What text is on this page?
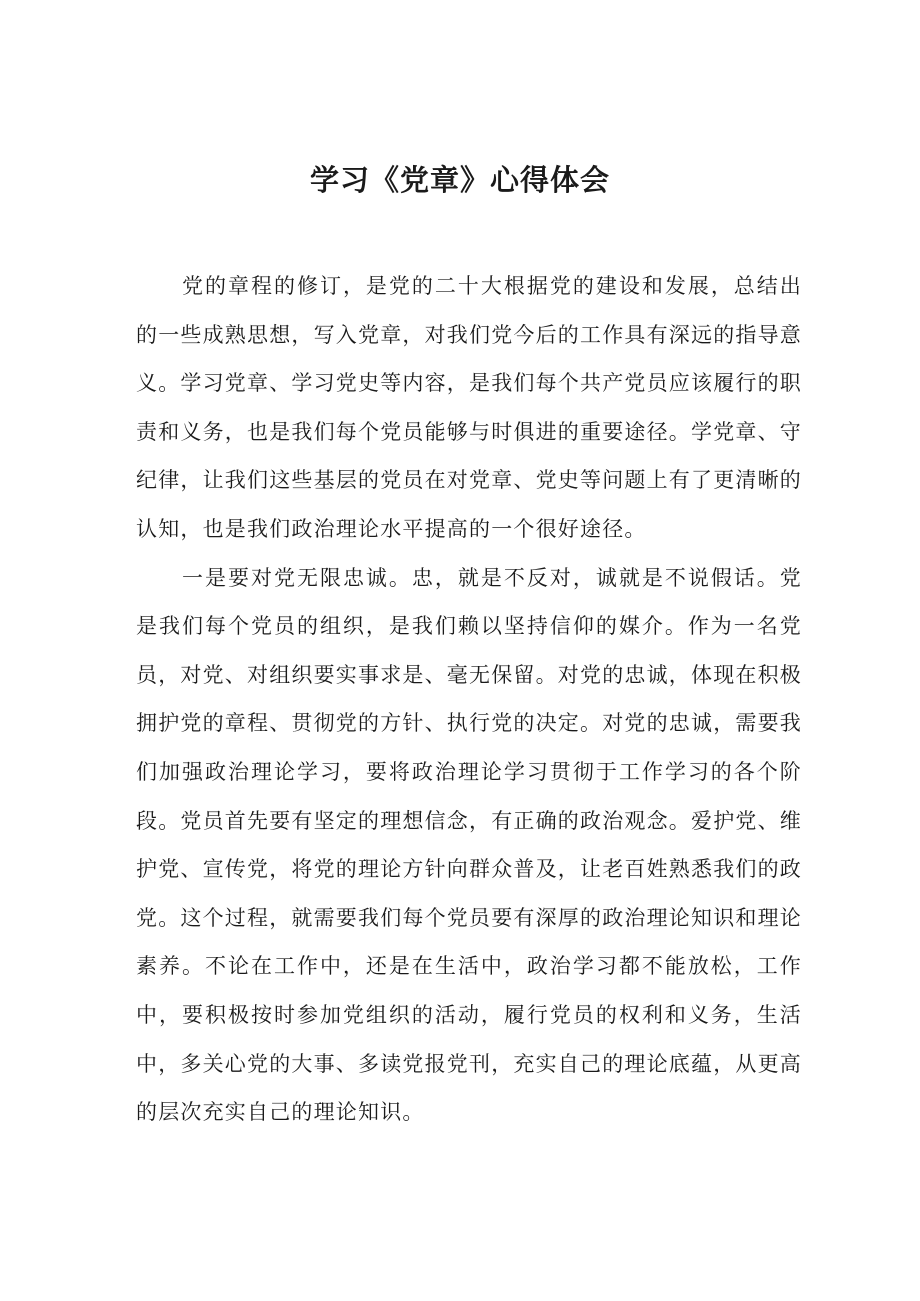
学习《党章》心得体会

党的章程的修订，是党的二十大根据党的建设和发展，总结出的一些成熟思想，写入党章，对我们党今后的工作具有深远的指导意义。学习党章、学习党史等内容，是我们每个共产党员应该履行的职责和义务，也是我们每个党员能够与时俱进的重要途径。学党章、守纪律，让我们这些基层的党员在对党章、党史等问题上有了更清晰的认知，也是我们政治理论水平提高的一个很好途径。

一是要对党无限忠诚。忠，就是不反对，诚就是不说假话。党是我们每个党员的组织，是我们赖以坚持信仰的媒介。作为一名党员，对党、对组织要实事求是、毫无保留。对党的忠诚，体现在积极拥护党的章程、贯彻党的方针、执行党的决定。对党的忠诚，需要我们加强政治理论学习，要将政治理论学习贯彻于工作学习的各个阶段。党员首先要有坚定的理想信念，有正确的政治观念。爱护党、维护党、宣传党，将党的理论方针向群众普及，让老百姓熟悉我们的政党。这个过程，就需要我们每个党员要有深厚的政治理论知识和理论素养。不论在工作中，还是在生活中，政治学习都不能放松，工作中，要积极按时参加党组织的活动，履行党员的权利和义务，生活中，多关心党的大事、多读党报党刊，充实自己的理论底蕴，从更高的层次充实自己的理论知识。
